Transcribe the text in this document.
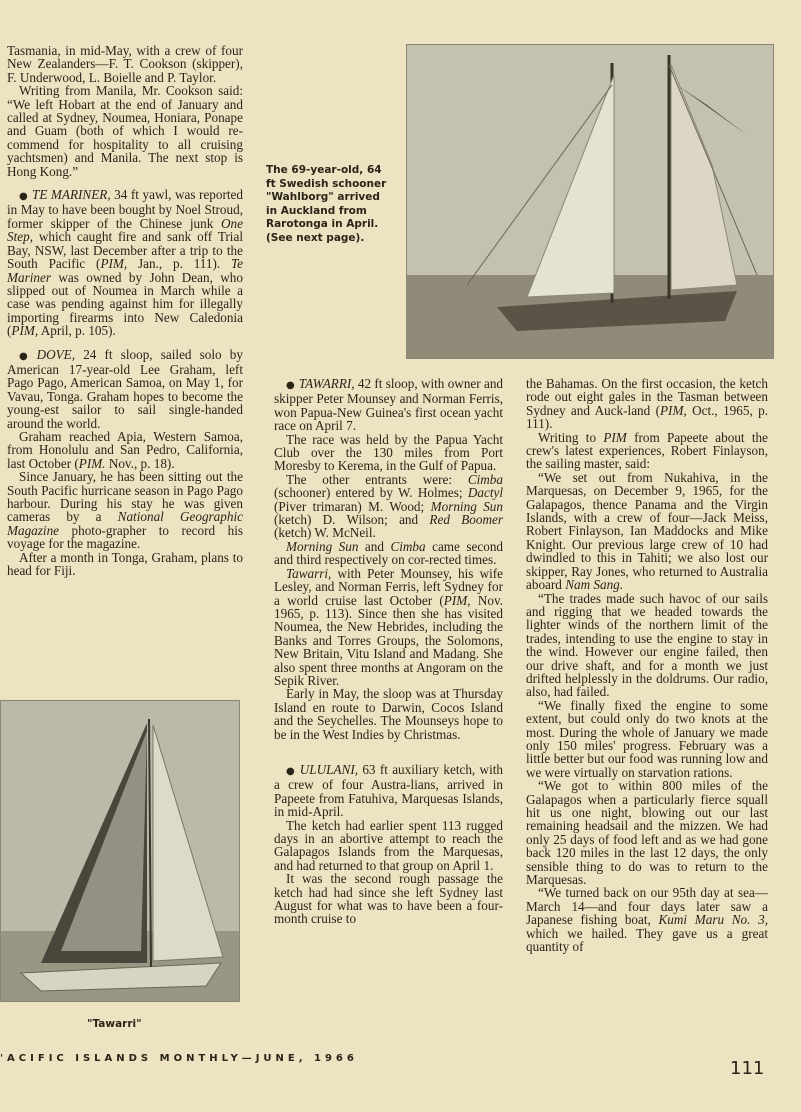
Tasmania, in mid-May, with a crew of four New Zealanders—F. T. Cookson (skipper), F. Underwood, L. Boielle and P. Taylor.

Writing from Manila, Mr. Cookson said: “We left Hobart at the end of January and called at Sydney, Noumea, Honiara, Ponape and Guam (both of which I would re-commend for hospitality to all cruising yachtsmen) and Manila. The next stop is Hong Kong.”

● TE MARINER, 34 ft yawl, was reported in May to have been bought by Noel Stroud, former skipper of the Chinese junk One Step, which caught fire and sank off Trial Bay, NSW, last December after a trip to the South Pacific (PIM, Jan., p. 111). Te Mariner was owned by John Dean, who slipped out of Noumea in March while a case was pending against him for illegally importing firearms into New Caledonia (PIM, April, p. 105).

● DOVE, 24 ft sloop, sailed solo by American 17-year-old Lee Graham, left Pago Pago, American Samoa, on May 1, for Vavau, Tonga. Graham hopes to become the young-est sailor to sail single-handed around the world.

Graham reached Apia, Western Samoa, from Honolulu and San Pedro, California, last October (PIM. Nov., p. 18).

Since January, he has been sitting out the South Pacific hurricane season in Pago Pago harbour. During his stay he was given cameras by a National Geographic Magazine photo-grapher to record his voyage for the magazine.

After a month in Tonga, Graham, plans to head for Fiji.

The 69-year-old, 64 ft Swedish schooner "Wahlborg" arrived in Auckland from Rarotonga in April. (See next page).

● TAWARRI, 42 ft sloop, with owner and skipper Peter Mounsey and Norman Ferris, won Papua-New Guinea's first ocean yacht race on April 7.

The race was held by the Papua Yacht Club over the 130 miles from Port Moresby to Kerema, in the Gulf of Papua.

The other entrants were: Cimba (schooner) entered by W. Holmes; Dactyl (Piver trimaran) M. Wood; Morning Sun (ketch) D. Wilson; and Red Boomer (ketch) W. McNeil.

Morning Sun and Cimba came second and third respectively on cor-rected times.

Tawarri, with Peter Mounsey, his wife Lesley, and Norman Ferris, left Sydney for a world cruise last October (PIM, Nov. 1965, p. 113). Since then she has visited Noumea, the New Hebrides, including the Banks and Torres Groups, the Solomons, New Britain, Vitu Island and Madang. She also spent three months at Angoram on the Sepik River.

Early in May, the sloop was at Thursday Island en route to Darwin, Cocos Island and the Seychelles. The Mounseys hope to be in the West Indies by Christmas.

● ULULANI, 63 ft auxiliary ketch, with a crew of four Austra-lians, arrived in Papeete from Fatuhiva, Marquesas Islands, in mid-April.

The ketch had earlier spent 113 rugged days in an abortive attempt to reach the Galapagos Islands from the Marquesas, and had returned to that group on April 1.

It was the second rough passage the ketch had had since she left Sydney last August for what was to have been a four-month cruise to

the Bahamas. On the first occasion, the ketch rode out eight gales in the Tasman between Sydney and Auck-land (PIM, Oct., 1965, p. 111).

Writing to PIM from Papeete about the crew's latest experiences, Robert Finlayson, the sailing master, said:

“We set out from Nukahiva, in the Marquesas, on December 9, 1965, for the Galapagos, thence Panama and the Virgin Islands, with a crew of four—Jack Meiss, Robert Finlayson, Ian Maddocks and Mike Knight. Our previous large crew of 10 had dwindled to this in Tahiti; we also lost our skipper, Ray Jones, who returned to Australia aboard Nam Sang.

“The trades made such havoc of our sails and rigging that we headed towards the lighter winds of the northern limit of the trades, intending to use the engine to stay in the wind. However our engine failed, then our drive shaft, and for a month we just drifted helplessly in the doldrums. Our radio, also, had failed.

“We finally fixed the engine to some extent, but could only do two knots at the most. During the whole of January we made only 150 miles' progress. February was a little better but our food was running low and we were virtually on starvation rations.

“We got to within 800 miles of the Galapagos when a particularly fierce squall hit us one night, blowing out our last remaining headsail and the mizzen. We had only 25 days of food left and as we had gone back 120 miles in the last 12 days, the only sensible thing to do was to return to the Marquesas.

“We turned back on our 95th day at sea—March 14—and four days later saw a Japanese fishing boat, Kumi Maru No. 3, which we hailed. They gave us a great quantity of

"Tawarri"
'ACIFIC ISLANDS MONTHLY—JUNE, 1966	111
